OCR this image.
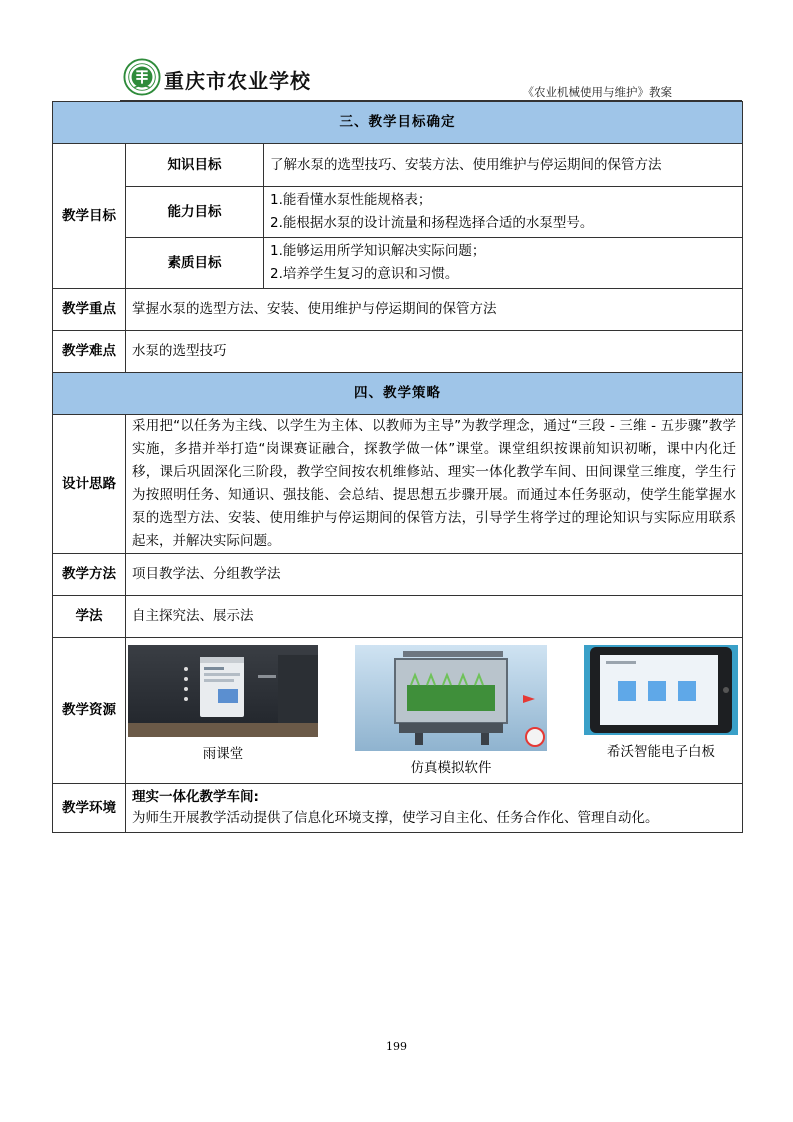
重庆市农业学校	《农业机械使用与维护》教案
三、教学目标确定		
教学目标	知识目标	了解水泵的选型技巧、安装方法、使用维护与停运期间的保管方法

	能力目标	1.能看懂水泵性能规格表；

2.能根据水泵的设计流量和扬程选择合适的水泵型号。

	素质目标	1.能够运用所学知识解决实际问题；

2.培养学生复习的意识和习惯。

教学重点	掌握水泵的选型方法、安装、使用维护与停运期间的保管方法	
教学难点	水泵的选型技巧	
四、教学策略		
设计思路	采用把“以任务为主线、以学生为主体、以教师为主导”为教学理念，通过“三段 - 三维 - 五步骤”教学实施，多措并举打造“岗课赛证融合，探教学做一体”课堂。课堂组织按课前知识初晰，课中内化迁移，课后巩固深化三阶段，教学空间按农机维修站、理实一体化教学车间、田间课堂三维度，学生行为按照明任务、知通识、强技能、会总结、提思想五步骤开展。而通过本任务驱动，使学生能掌握水泵的选型方法、安装、使用维护与停运期间的保管方法，引导学生将学过的理论知识与实际应用联系起来，并解决实际问题。	
教学方法	项目教学法、分组教学法	
学法	自主探究法、展示法	
教学资源	雨课堂
仿真模拟软件
希沃智能电子白板	

教学环境	理实一体化教学车间:

为师生开展教学活动提供了信息化环境支撑，使学习自主化、任务合作化、管理自动化。	

199
